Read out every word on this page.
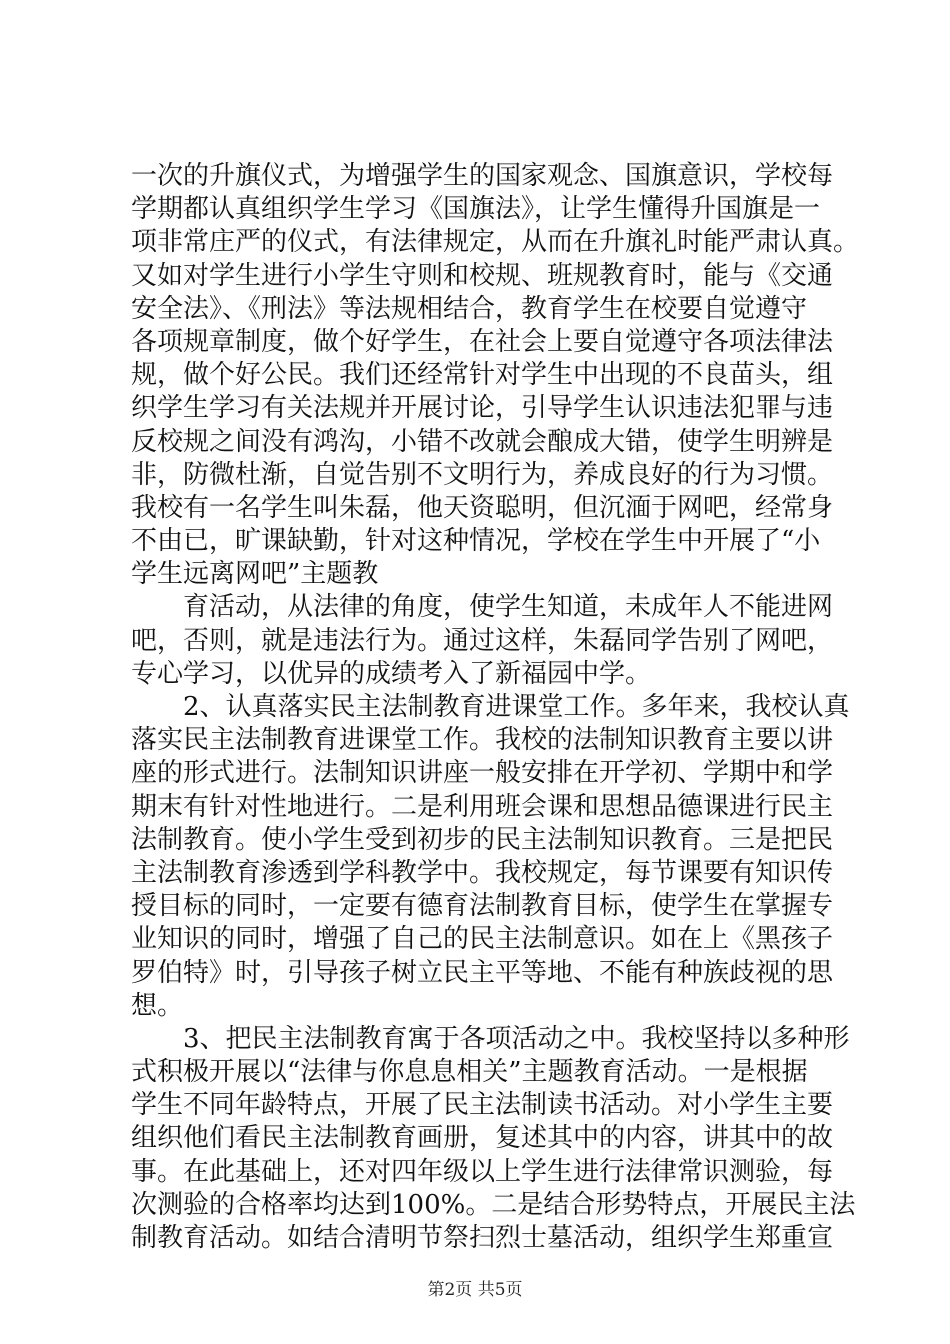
一次的升旗仪式，为增强学生的国家观念、国旗意识，学校每
学期都认真组织学生学习《国旗法》，让学生懂得升国旗是一
项非常庄严的仪式，有法律规定，从而在升旗礼时能严肃认真。
又如对学生进行小学生守则和校规、班规教育时，能与《交通
安全法》、《刑法》等法规相结合，教育学生在校要自觉遵守
各项规章制度，做个好学生，在社会上要自觉遵守各项法律法
规，做个好公民。我们还经常针对学生中出现的不良苗头，组
织学生学习有关法规并开展讨论，引导学生认识违法犯罪与违
反校规之间没有鸿沟，小错不改就会酿成大错，使学生明辨是
非，防微杜渐，自觉告别不文明行为，养成良好的行为习惯。
我校有一名学生叫朱磊，他天资聪明，但沉湎于网吧，经常身
不由已，旷课缺勤，针对这种情况，学校在学生中开展了“小
学生远离网吧”主题教
育活动，从法律的角度，使学生知道，未成年人不能进网
吧，否则，就是违法行为。通过这样，朱磊同学告别了网吧，
专心学习，以优异的成绩考入了新福园中学。
2、认真落实民主法制教育进课堂工作。多年来，我校认真
落实民主法制教育进课堂工作。我校的法制知识教育主要以讲
座的形式进行。法制知识讲座一般安排在开学初、学期中和学
期末有针对性地进行。二是利用班会课和思想品德课进行民主
法制教育。使小学生受到初步的民主法制知识教育。三是把民
主法制教育渗透到学科教学中。我校规定，每节课要有知识传
授目标的同时，一定要有德育法制教育目标，使学生在掌握专
业知识的同时，增强了自己的民主法制意识。如在上《黑孩子
罗伯特》时，引导孩子树立民主平等地、不能有种族歧视的思
想。
3、把民主法制教育寓于各项活动之中。我校坚持以多种形
式积极开展以“法律与你息息相关”主题教育活动。一是根据
学生不同年龄特点，开展了民主法制读书活动。对小学生主要
组织他们看民主法制教育画册，复述其中的内容，讲其中的故
事。在此基础上，还对四年级以上学生进行法律常识测验，每
次测验的合格率均达到100%。二是结合形势特点，开展民主法
制教育活动。如结合清明节祭扫烈士墓活动，组织学生郑重宣
第2页 共5页
